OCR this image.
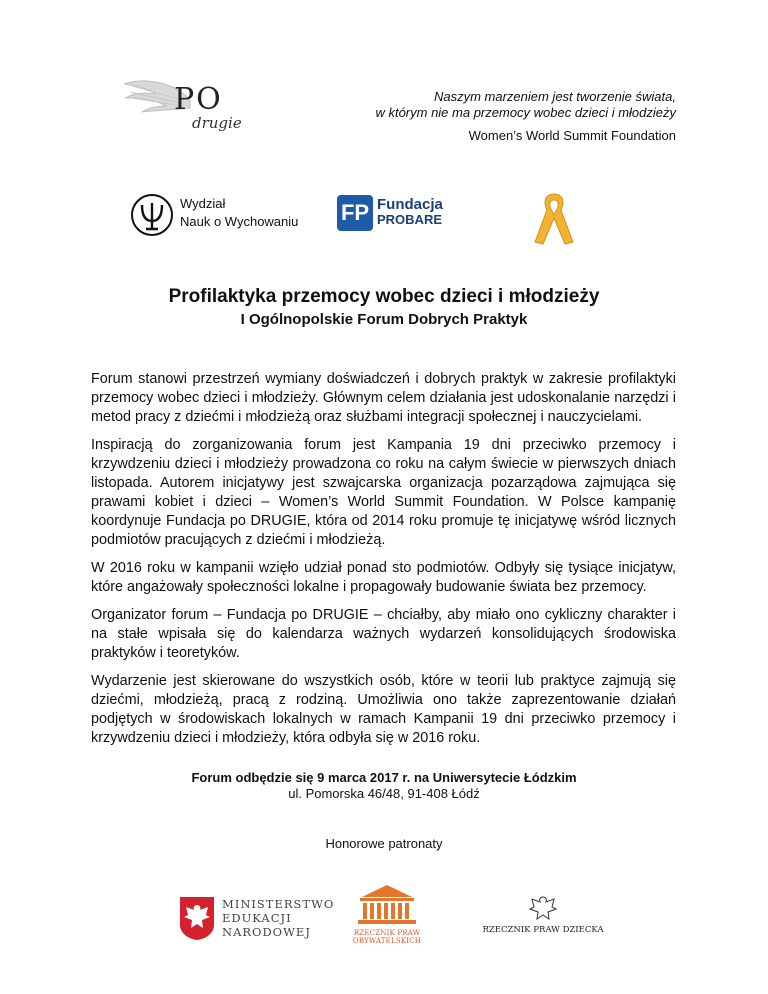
PO
drugie
Naszym marzeniem jest tworzenie świata,
w którym nie ma przemocy wobec dzieci i młodzieży
Women’s World Summit Foundation
Wydział
Nauk o Wychowaniu FP Fundacja
PROBARE
Profilaktyka przemocy wobec dzieci i młodzieży
I Ogólnopolskie Forum Dobrych Praktyk

Forum stanowi przestrzeń wymiany doświadczeń i dobrych praktyk w zakresie profilaktyki przemocy wobec dzieci i młodzieży. Głównym celem działania jest udoskonalanie narzędzi i metod pracy z dziećmi i młodzieżą oraz służbami integracji społecznej i nauczycielami.

Inspiracją do zorganizowania forum jest Kampania 19 dni przeciwko przemocy i krzywdzeniu dzieci i młodzieży prowadzona co roku na całym świecie w pierwszych dniach listopada. Autorem inicjatywy jest szwajcarska organizacja pozarządowa zajmująca się prawami kobiet i dzieci – Women’s World Summit Foundation. W Polsce kampanię koordynuje Fundacja po DRUGIE, która od 2014 roku promuje tę inicjatywę wśród licznych podmiotów pracujących z dziećmi i młodzieżą.

W 2016 roku w kampanii wzięło udział ponad sto podmiotów. Odbyły się tysiące inicjatyw, które angażowały społeczności lokalne i propagowały budowanie świata bez przemocy.

Organizator forum – Fundacja po DRUGIE – chciałby, aby miało ono cykliczny charakter i na stałe wpisała się do kalendarza ważnych wydarzeń konsolidujących środowiska praktyków i teoretyków.

Wydarzenie jest skierowane do wszystkich osób, które w teorii lub praktyce zajmują się dziećmi, młodzieżą, pracą z rodziną. Umożliwia ono także zaprezentowanie działań podjętych w środowiskach lokalnych w ramach Kampanii 19 dni przeciwko przemocy i krzywdzeniu dzieci i młodzieży, która odbyła się w 2016 roku.

Forum odbędzie się 9 marca 2017 r. na Uniwersytecie Łódzkim
ul. Pomorska 46/48, 91-408 Łódź
Honorowe patronaty
MINISTERSTWO
EDUKACJI
NARODOWEJ	RZECZNIK PRAW OBYWATELSKICH
RZECZNIK PRAW DZIECKA
